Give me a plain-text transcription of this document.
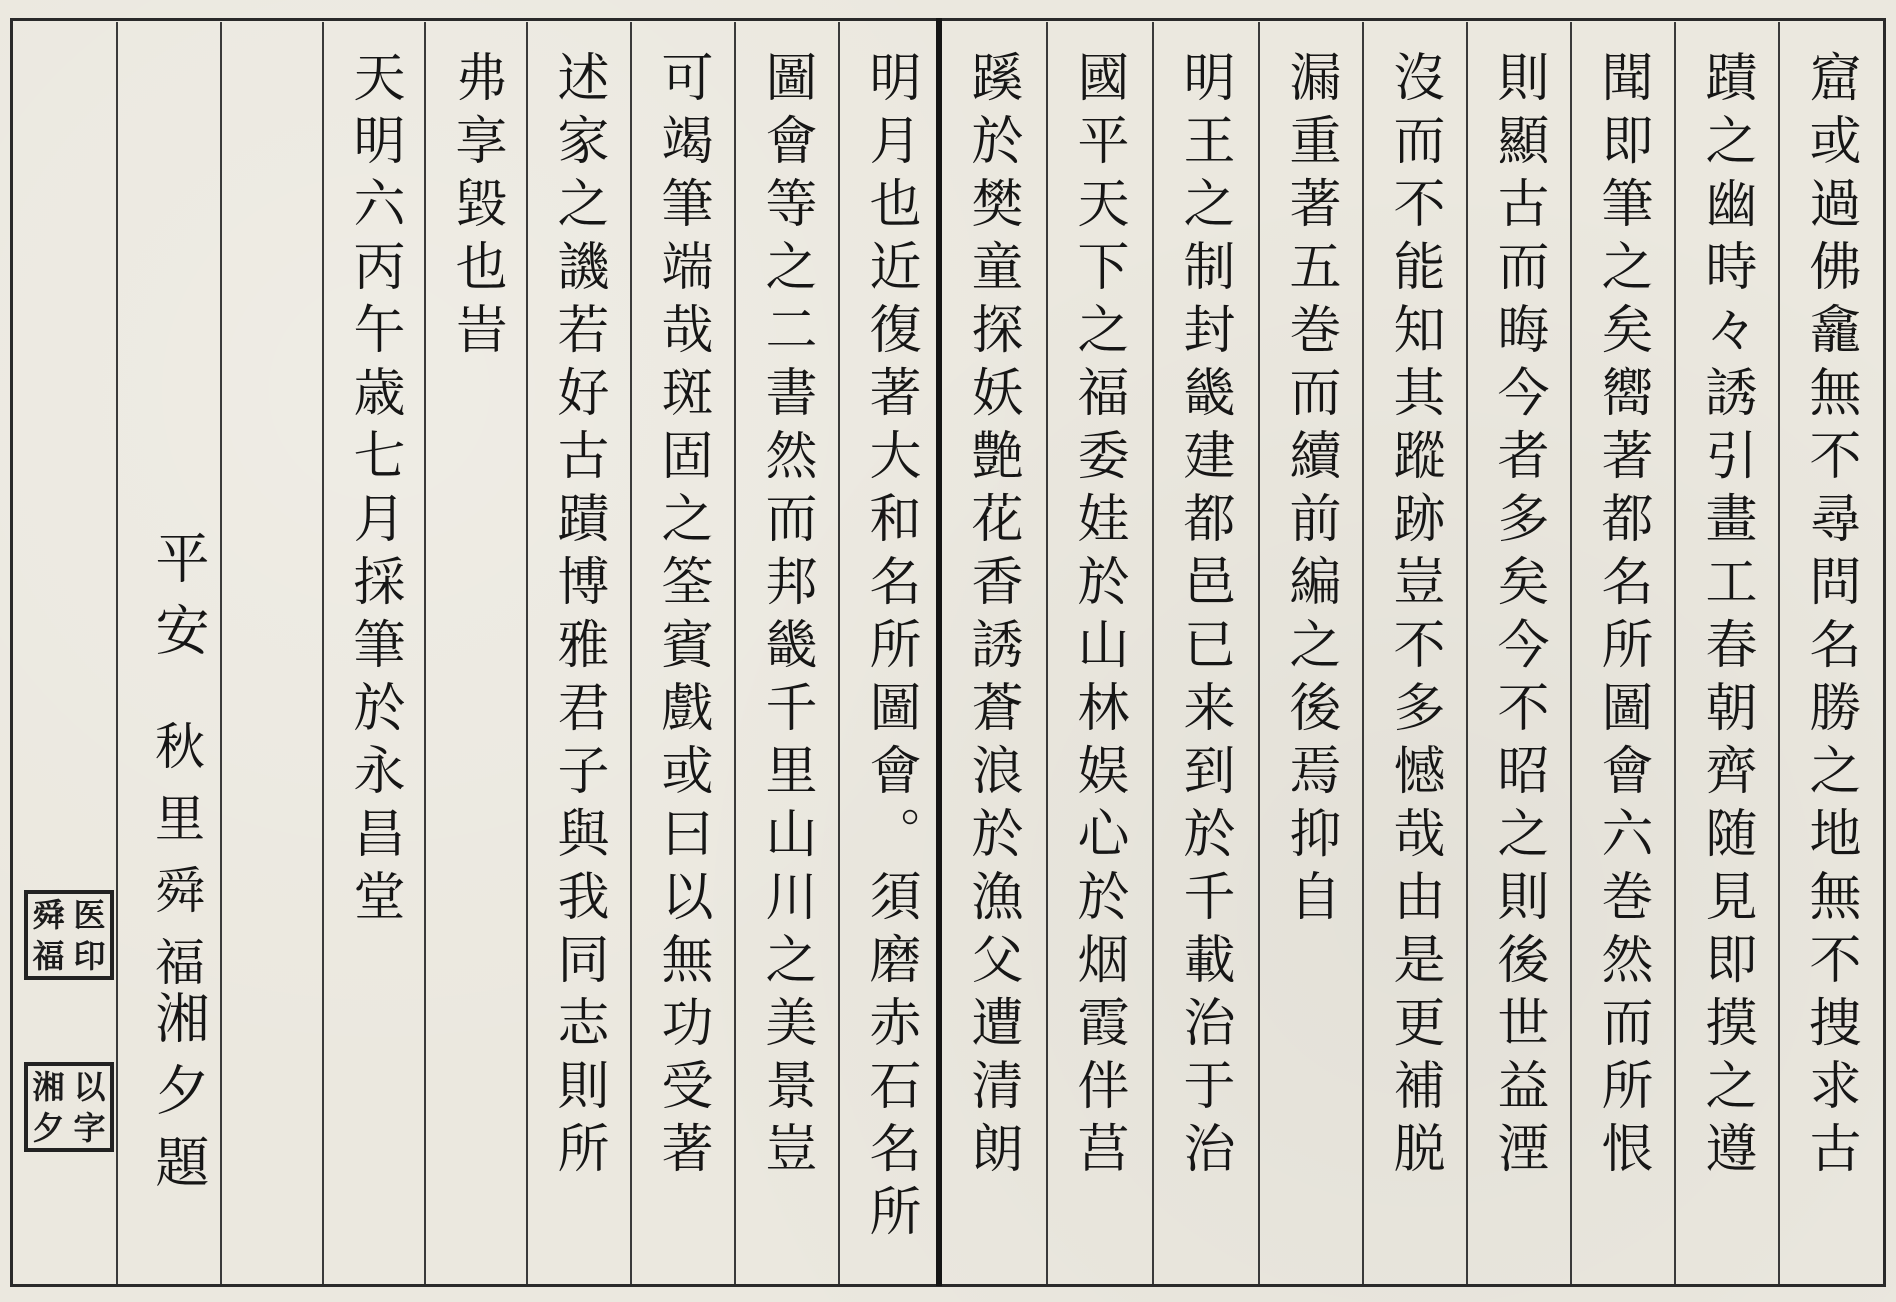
窟或過佛龕無不尋問名勝之地無不捜求古
蹟之幽時々誘引畫工春朝齊随見即摸之遵
聞即筆之矣嚮著都名所圖會六巻然而所恨
則顯古而晦今者多矣今不昭之則後世益湮
沒而不能知其蹤跡豈不多憾哉由是更補脱
漏重著五巻而續前編之後焉抑自
明王之制封畿建都邑已来到於千載治于治
國平天下之福委娃於山林娱心於烟霞伴莒
蹊於樊童探妖艶花香誘蒼浪於漁父遭清朗
明月也近復著大和名所圖會。須磨赤石名所
圖會等之二書然而邦畿千里山川之美景豈
可竭筆端哉斑固之筌賓戲或曰以無功受著
述家之譏若好古蹟博雅君子與我同志則所
弗享毀也旹
天明六丙午歳七月採筆於永昌堂
平安
秋里舜福
湘夕題
舜 医
福 印
湘 以
夕 字
